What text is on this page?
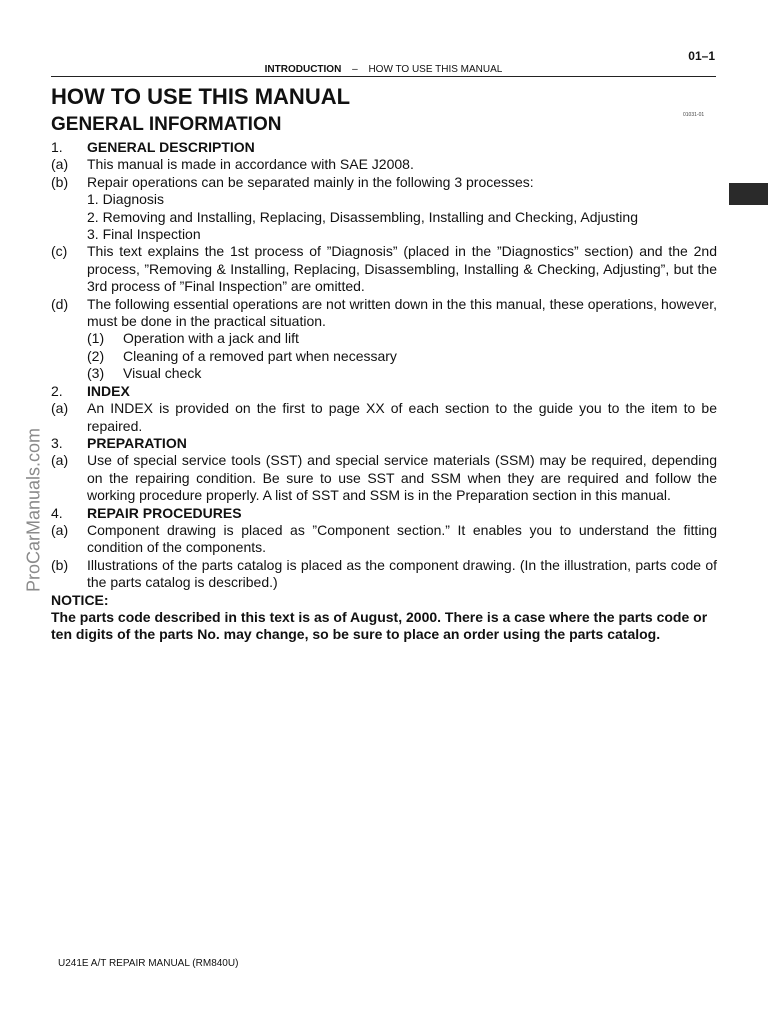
01–1
INTRODUCTION – HOW TO USE THIS MANUAL
HOW TO USE THIS MANUAL
GENERAL INFORMATION	01031-01
ProCarManuals.com
1.	GENERAL DESCRIPTION
(a)	This manual is made in accordance with SAE J2008.
(b)	Repair operations can be separated mainly in the following 3 processes:
1. Diagnosis
2. Removing and Installing, Replacing, Disassembling, Installing and Checking, Adjusting
3. Final Inspection
(c)	This text explains the 1st process of ”Diagnosis” (placed in the ”Diagnostics” section) and the 2nd process, ”Removing & Installing, Replacing, Disassembling, Installing & Checking, Adjusting”, but the 3rd process of ”Final Inspection” are omitted.
(d)	The following essential operations are not written down in the this manual, these operations, however, must be done in the practical situation.
(1)	Operation with a jack and lift
(2)	Cleaning of a removed part when necessary
(3)	Visual check
2.	INDEX
(a)	An INDEX is provided on the first to page XX of each section to the guide you to the item to be repaired.
3.	PREPARATION
(a)	Use of special service tools (SST) and special service materials (SSM) may be required, depending on the repairing condition. Be sure to use SST and SSM when they are required and follow the working procedure properly. A list of SST and SSM is in the Preparation section in this manual.
4.	REPAIR PROCEDURES
(a)	Component drawing is placed as ”Component section.” It enables you to understand the fitting condition of the components.
(b)	Illustrations of the parts catalog is placed as the component drawing. (In the illustration, parts code of the parts catalog is described.)
NOTICE:
The parts code described in this text is as of August, 2000. There is a case where the parts code or ten digits of the parts No. may change, so be sure to place an order using the parts catalog.
U241E A/T REPAIR MANUAL (RM840U)
